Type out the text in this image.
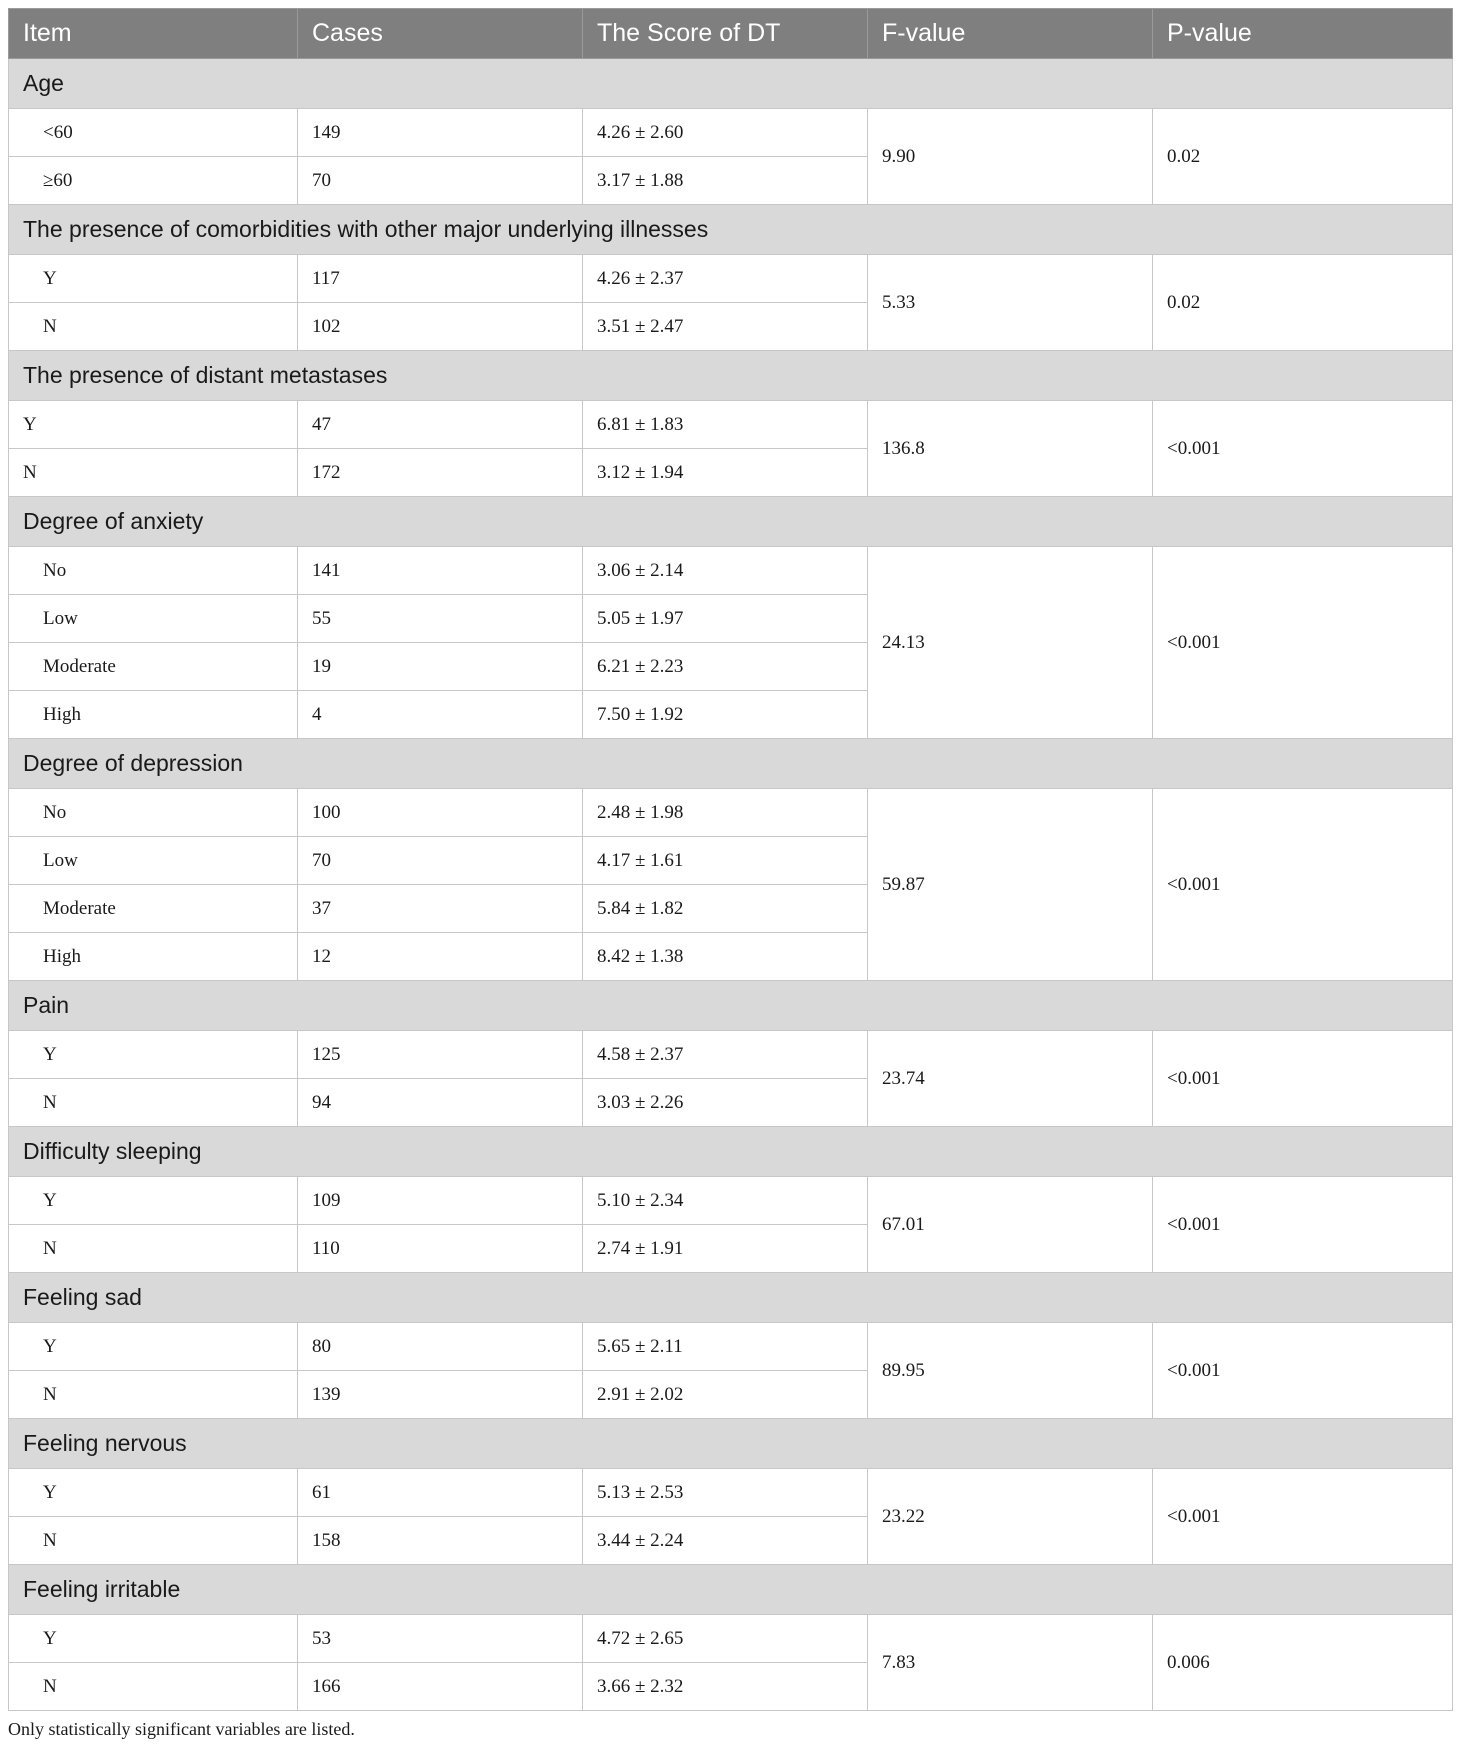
Item	Cases	The Score of DT	F-value	P-value
Age				
<60	149	4.26 ± 2.60	9.90	0.02
≥60	70	3.17 ± 1.88		
The presence of comorbidities with other major underlying illnesses				
Y	117	4.26 ± 2.37	5.33	0.02
N	102	3.51 ± 2.47		
The presence of distant metastases				
Y	47	6.81 ± 1.83	136.8	<0.001
N	172	3.12 ± 1.94		
Degree of anxiety				
No	141	3.06 ± 2.14	24.13	<0.001
Low	55	5.05 ± 1.97		
Moderate	19	6.21 ± 2.23		
High	4	7.50 ± 1.92		
Degree of depression				
No	100	2.48 ± 1.98	59.87	<0.001
Low	70	4.17 ± 1.61		
Moderate	37	5.84 ± 1.82		
High	12	8.42 ± 1.38		
Pain				
Y	125	4.58 ± 2.37	23.74	<0.001
N	94	3.03 ± 2.26		
Difficulty sleeping				
Y	109	5.10 ± 2.34	67.01	<0.001
N	110	2.74 ± 1.91		
Feeling sad				
Y	80	5.65 ± 2.11	89.95	<0.001
N	139	2.91 ± 2.02		
Feeling nervous				
Y	61	5.13 ± 2.53	23.22	<0.001
N	158	3.44 ± 2.24		
Feeling irritable				
Y	53	4.72 ± 2.65	7.83	0.006
N	166	3.66 ± 2.32		
Only statistically significant variables are listed.
